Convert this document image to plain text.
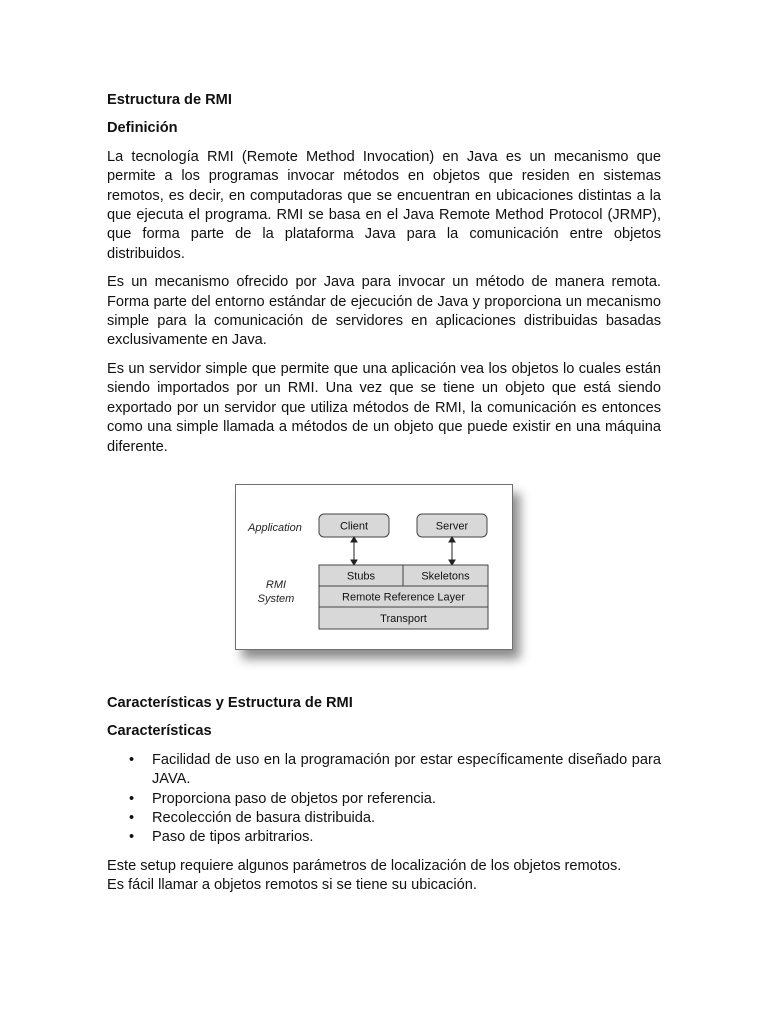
Estructura de RMI
Definición

La tecnología RMI (Remote Method Invocation) en Java es un mecanismo que permite a los programas invocar métodos en objetos que residen en sistemas remotos, es decir, en computadoras que se encuentran en ubicaciones distintas a la que ejecuta el programa. RMI se basa en el Java Remote Method Protocol (JRMP), que forma parte de la plataforma Java para la comunicación entre objetos distribuidos.

Es un mecanismo ofrecido por Java para invocar un método de manera remota. Forma parte del entorno estándar de ejecución de Java y proporciona un mecanismo simple para la comunicación de servidores en aplicaciones distribuidas basadas exclusivamente en Java.

Es un servidor simple que permite que una aplicación vea los objetos lo cuales están siendo importados por un RMI. Una vez que se tiene un objeto que está siendo exportado por un servidor que utiliza métodos de RMI, la comunicación es entonces como una simple llamada a métodos de un objeto que puede existir en una máquina diferente.

Application
RMI
System
Client	Server
Stubs	Skeletons
Remote Reference Layer
Transport
Características y Estructura de RMI
Características
• Facilidad de uso en la programación por estar específicamente diseñado para JAVA.
• Proporciona paso de objetos por referencia.
• Recolección de basura distribuida.
• Paso de tipos arbitrarios.

Este setup requiere algunos parámetros de localización de los objetos remotos.
Es fácil llamar a objetos remotos si se tiene su ubicación.
